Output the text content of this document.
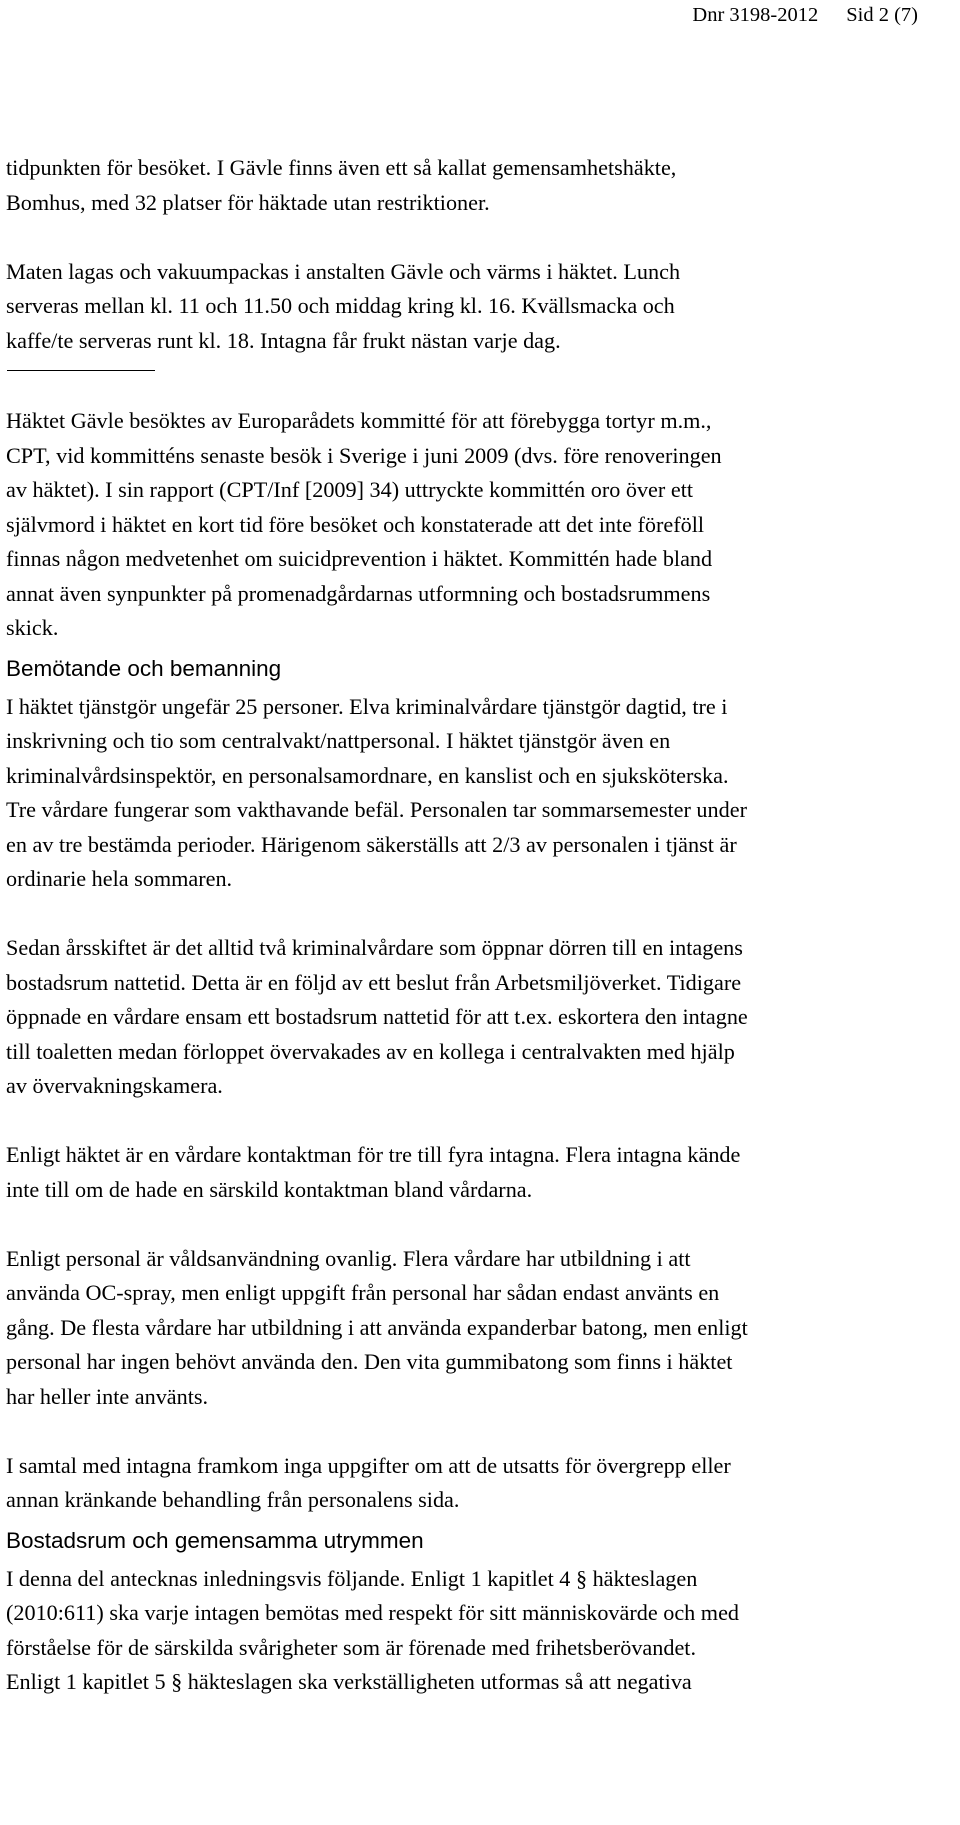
Dnr 3198-2012 Sid 2 (7)

tidpunkten för besöket. I Gävle finns även ett så kallat gemensamhetshäkte,

Bomhus, med 32 platser för häktade utan restriktioner.

Maten lagas och vakuumpackas i anstalten Gävle och värms i häktet. Lunch

serveras mellan kl. 11 och 11.50 och middag kring kl. 16. Kvällsmacka och

kaffe/te serveras runt kl. 18. Intagna får frukt nästan varje dag.

Häktet Gävle besöktes av Europarådets kommitté för att förebygga tortyr m.m.,

CPT, vid kommitténs senaste besök i Sverige i juni 2009 (dvs. före renoveringen

av häktet). I sin rapport (CPT/Inf [2009] 34) uttryckte kommittén oro över ett

självmord i häktet en kort tid före besöket och konstaterade att det inte föreföll

finnas någon medvetenhet om suicidprevention i häktet. Kommittén hade bland

annat även synpunkter på promenadgårdarnas utformning och bostadsrummens

skick.

Bemötande och bemanning

I häktet tjänstgör ungefär 25 personer. Elva kriminalvårdare tjänstgör dagtid, tre i

inskrivning och tio som centralvakt/nattpersonal. I häktet tjänstgör även en

kriminalvårdsinspektör, en personalsamordnare, en kanslist och en sjuksköterska.

Tre vårdare fungerar som vakthavande befäl. Personalen tar sommarsemester under

en av tre bestämda perioder. Härigenom säkerställs att 2/3 av personalen i tjänst är

ordinarie hela sommaren.

Sedan årsskiftet är det alltid två kriminalvårdare som öppnar dörren till en intagens

bostadsrum nattetid. Detta är en följd av ett beslut från Arbetsmiljöverket. Tidigare

öppnade en vårdare ensam ett bostadsrum nattetid för att t.ex. eskortera den intagne

till toaletten medan förloppet övervakades av en kollega i centralvakten med hjälp

av övervakningskamera.

Enligt häktet är en vårdare kontaktman för tre till fyra intagna. Flera intagna kände

inte till om de hade en särskild kontaktman bland vårdarna.

Enligt personal är våldsanvändning ovanlig. Flera vårdare har utbildning i att

använda OC-spray, men enligt uppgift från personal har sådan endast använts en

gång. De flesta vårdare har utbildning i att använda expanderbar batong, men enligt

personal har ingen behövt använda den. Den vita gummibatong som finns i häktet

har heller inte använts.

I samtal med intagna framkom inga uppgifter om att de utsatts för övergrepp eller

annan kränkande behandling från personalens sida.

Bostadsrum och gemensamma utrymmen

I denna del antecknas inledningsvis följande. Enligt 1 kapitlet 4 § häkteslagen

(2010:611) ska varje intagen bemötas med respekt för sitt människovärde och med

förståelse för de särskilda svårigheter som är förenade med frihetsberövandet.

Enligt 1 kapitlet 5 § häkteslagen ska verkställigheten utformas så att negativa
